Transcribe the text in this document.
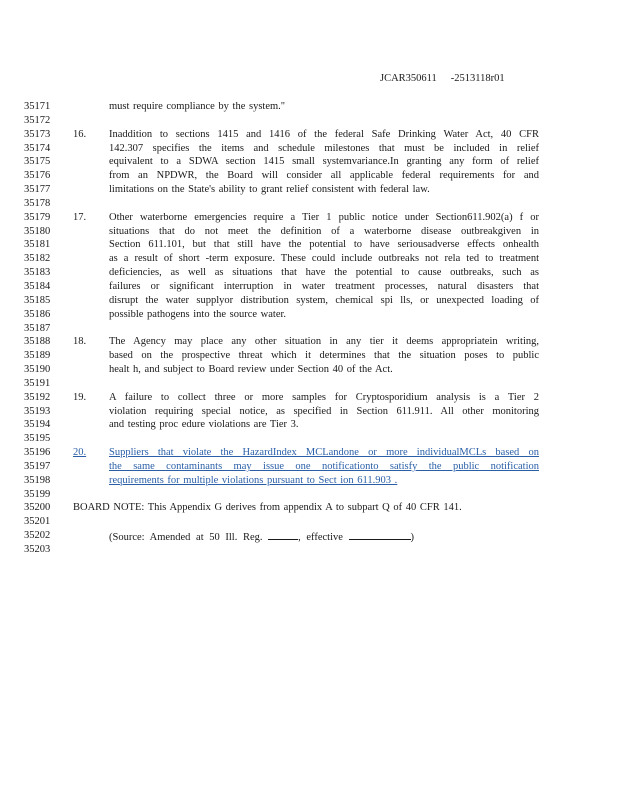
JCAR350611 -2513118r01
35171	must require compliance by the system."
35172
35173	16. Inaddition to sections 1415 and 1416 of the federal Safe Drinking Water Act, 40 CFR
35174	142.307 specifies the items and schedule milestones that must be included in relief
35175	equivalent to a SDWA section 1415 small systemvariance.In granting any form of relief
35176	from an NPDWR, the Board will consider all applicable federal requirements for and
35177	limitations on the State's ability to grant relief consistent with federal law.
35178
35179	17. Other waterborne emergencies require a Tier 1 public notice under Section611.902(a) f or
35180	situations that do not meet the definition of a waterborne disease outbreakgiven in
35181	Section 611.101, but that still have the potential to have seriousadverse effects onhealth
35182	as a result of short -term exposure. These could include outbreaks not rela ted to treatment
35183	deficiencies, as well as situations that have the potential to cause outbreaks, such as
35184	failures or significant interruption in water treatment processes, natural disasters that
35185	disrupt the water supplyor distribution system, chemical spi lls, or unexpected loading of
35186	possible pathogens into the source water.
35187
35188	18. The Agency may place any other situation in any tier it deems appropriatein writing,
35189	based on the prospective threat which it determines that the situation poses to public
35190	healt h, and subject to Board review under Section 40 of the Act.
35191
35192	19. A failure to collect three or more samples for Cryptosporidium analysis is a Tier 2
35193	violation requiring special notice, as specified in Section 611.911. All other monitoring
35194	and testing proc edure violations are Tier 3.
35195
35196	20. Suppliers that violate the HazardIndex MCLandone or more individualMCLs based on
35197	the same contaminants may issue one notificationto satisfy the public notification
35198	requirements for multiple violations pursuant to Sect ion 611.903 .
35199
35200	BOARD NOTE: This Appendix G derives from appendix A to subpart Q of 40 CFR 141.
35201
35202	(Source: Amended at 50 Ill. Reg.	, effective	)
35203
